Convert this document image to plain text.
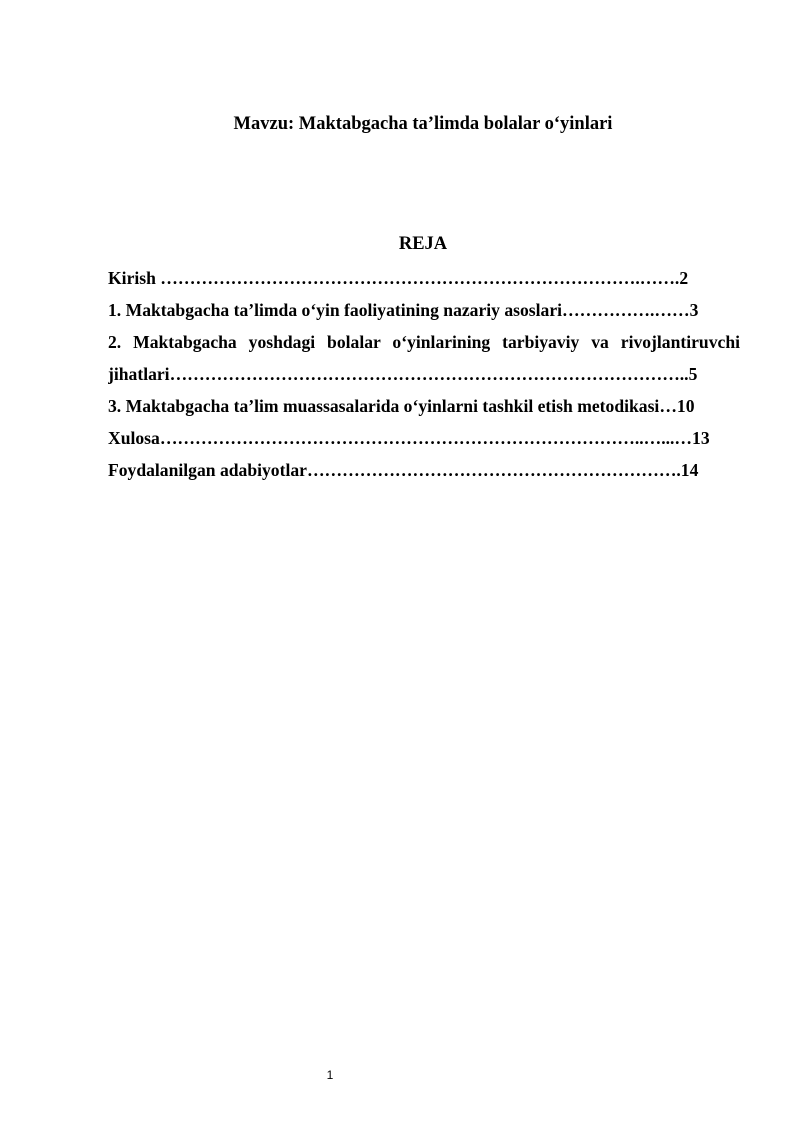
Mavzu: Maktabgacha ta’limda bolalar o‘yinlari
REJA
Kirish ……………………………………………………………………….…….2
1. Maktabgacha ta’limda o‘yin faoliyatining nazariy asoslari…………….……3
2. Maktabgacha yoshdagi bolalar o‘yinlarining tarbiyaviy va rivojlantiruvchi
jihatlari……………………………………………………………………………..5
3. Maktabgacha ta’lim muassasalarida o‘yinlarni tashkil etish metodikasi…10
Xulosa………………………………………………………………………..…...…13
Foydalanilgan adabiyotlar……………………………………………………….14
1
